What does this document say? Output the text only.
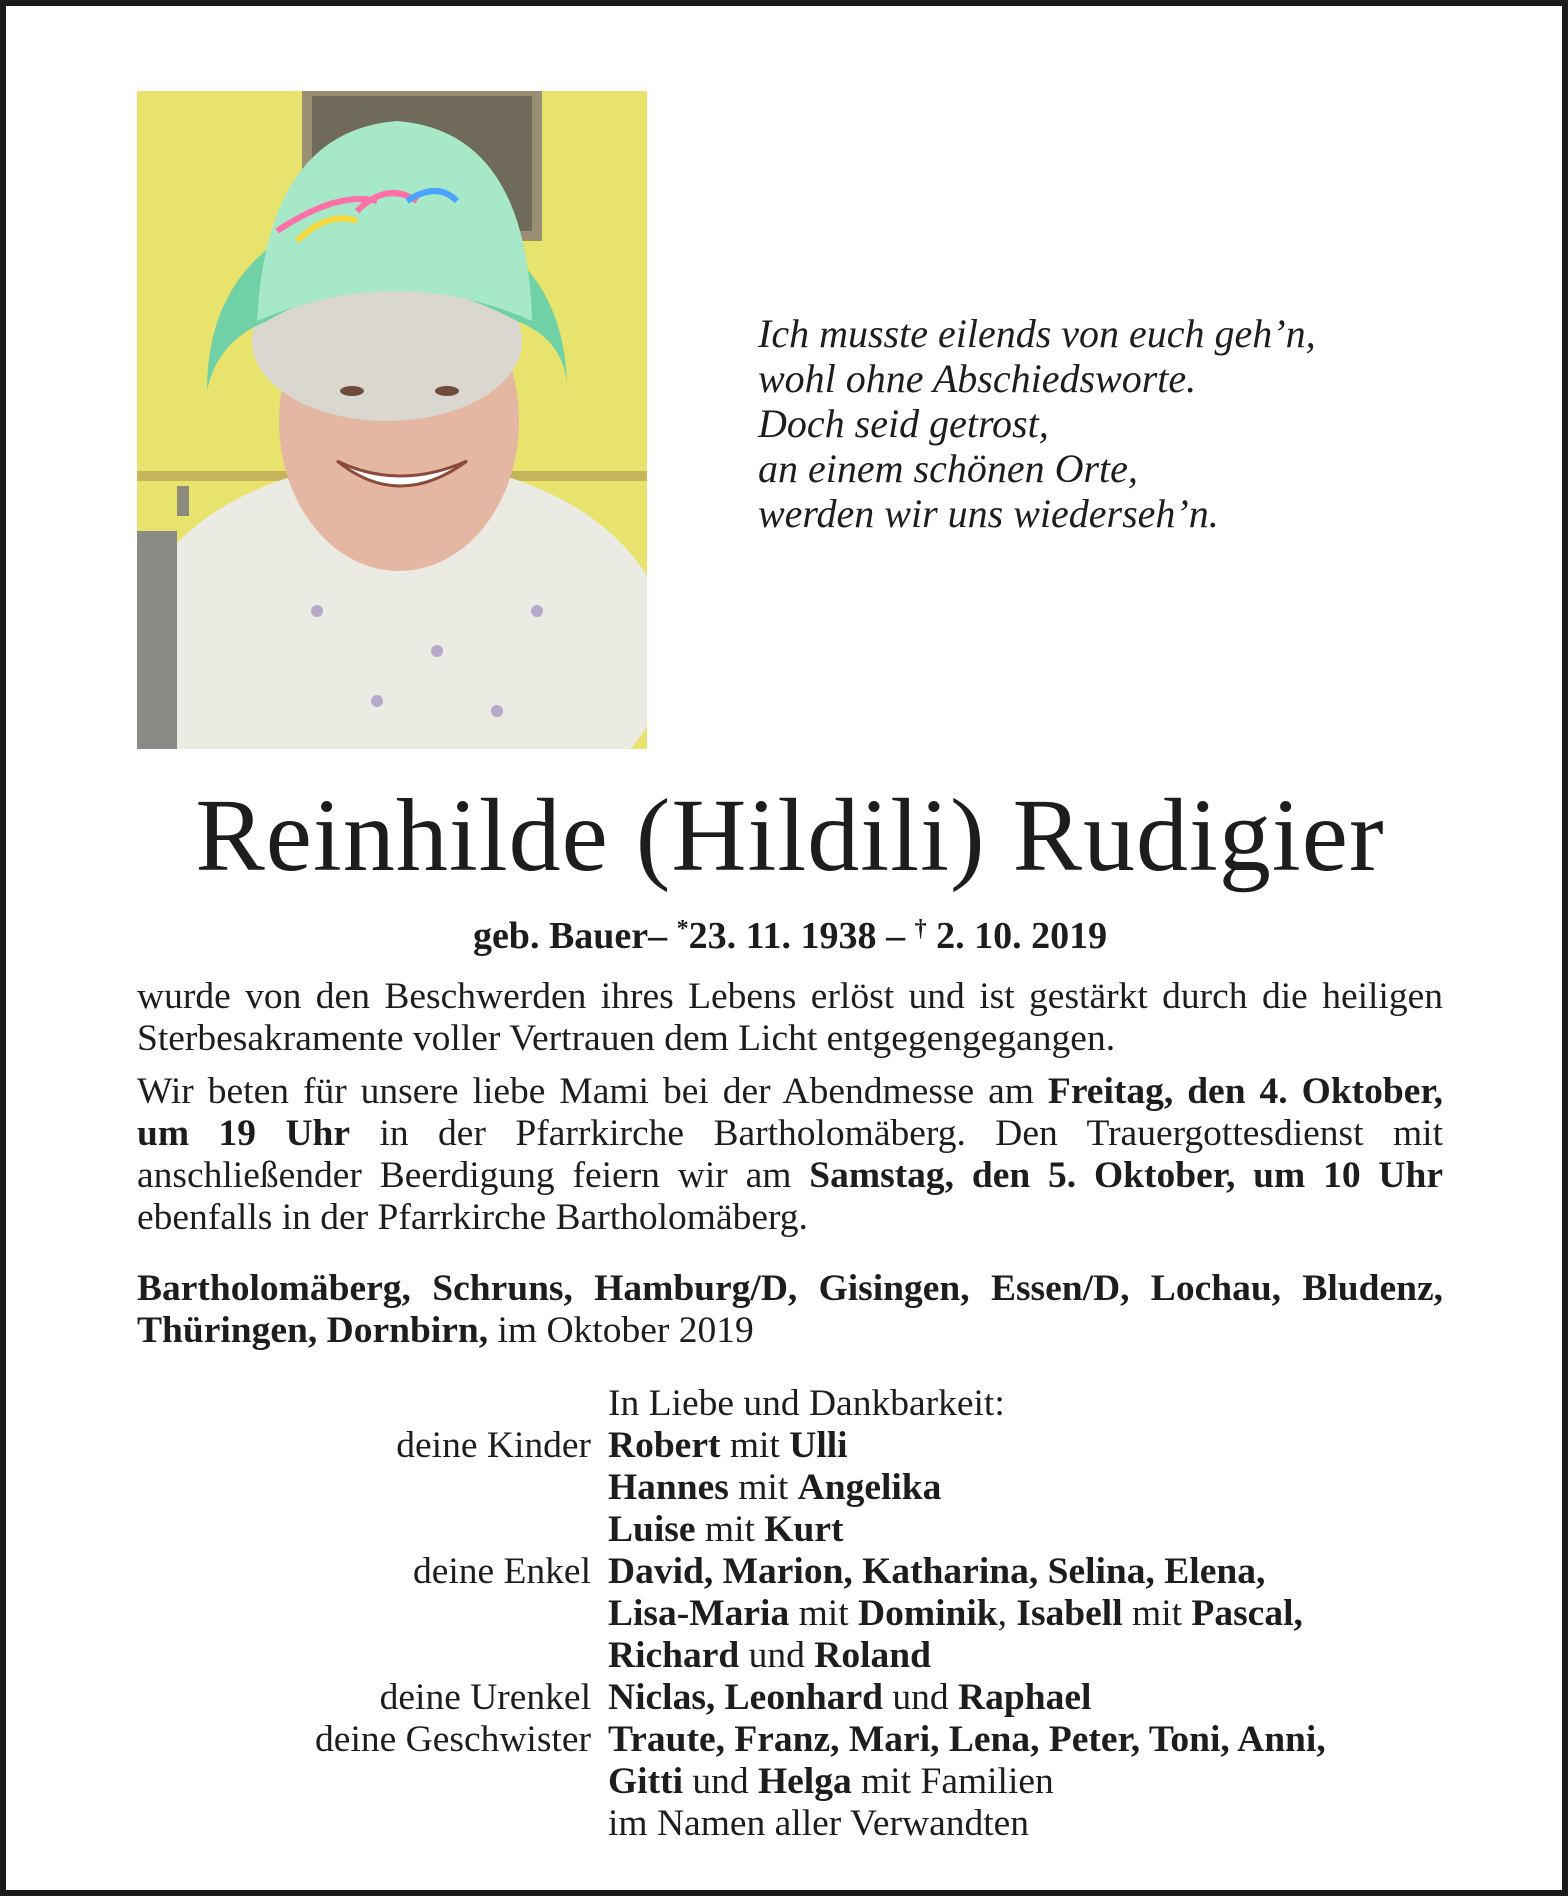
Ich musste eilends von euch geh’n,
wohl ohne Abschiedsworte.
Doch seid getrost,
an einem schönen Orte,
werden wir uns wiederseh’n.
Reinhilde (Hildili) Rudigier
geb. Bauer– *23. 11. 1938 – † 2. 10. 2019
wurde von den Beschwerden ihres Lebens erlöst und ist gestärkt durch die heiligen Sterbesakramente voller Vertrauen dem Licht entgegengegangen.
Wir beten für unsere liebe Mami bei der Abendmesse am Freitag, den 4. Oktober, um 19 Uhr in der Pfarrkirche Bartholomäberg. Den Trauergottesdienst mit anschließender Beerdigung feiern wir am Samstag, den 5. Oktober, um 10 Uhr ebenfalls in der Pfarrkirche Bartholomäberg.
Bartholomäberg, Schruns, Hamburg/D, Gisingen, Essen/D, Lochau, Bludenz, Thüringen, Dornbirn, im Oktober 2019
In Liebe und Dankbarkeit:
deine Kinder Robert mit Ulli
Hannes mit Angelika
Luise mit Kurt
deine Enkel David, Marion, Katharina, Selina, Elena,
Lisa-Maria mit Dominik, Isabell mit Pascal,
Richard und Roland
deine Urenkel Niclas, Leonhard und Raphael
deine Geschwister Traute, Franz, Mari, Lena, Peter, Toni, Anni,
Gitti und Helga mit Familien
im Namen aller Verwandten
